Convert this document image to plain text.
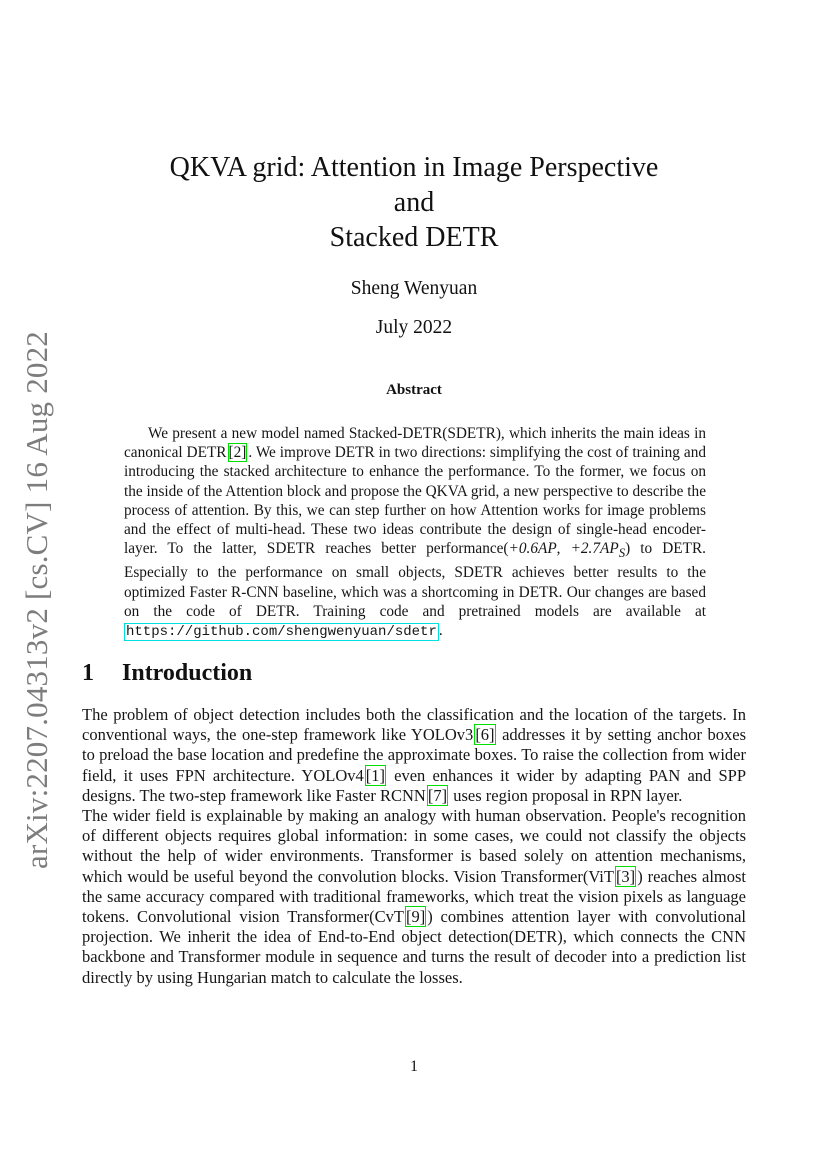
arXiv:2207.04313v2 [cs.CV] 16 Aug 2022
QKVA grid: Attention in Image Perspective
and
Stacked DETR
Sheng Wenyuan
July 2022
Abstract
We present a new model named Stacked-DETR(SDETR), which inherits the main ideas in canonical DETR [2] . We improve DETR in two directions: simplifying the cost of training and introducing the stacked architecture to enhance the performance. To the former, we focus on the inside of the Attention block and propose the QKVA grid, a new perspective to describe the process of attention. By this, we can step further on how Attention works for image problems and the effect of multi-head. These two ideas contribute the design of single-head encoder-layer. To the latter, SDETR reaches better performance(+0.6AP, $+2.7AP_S$) to DETR. Especially to the performance on small objects, SDETR achieves better results to the optimized Faster R-CNN baseline, which was a shortcoming in DETR. Our changes are based on the code of DETR. Training code and pretrained models are available at https://github.com/shengwenyuan/sdetr .
1 Introduction

The problem of object detection includes both the classification and the location of the targets. In conventional ways, the one-step framework like YOLOv3 [6] addresses it by setting anchor boxes to preload the base location and predefine the approximate boxes. To raise the collection from wider field, it uses FPN architecture. YOLOv4 [1] even enhances it wider by adapting PAN and SPP designs. The two-step framework like Faster RCNN [7] uses region proposal in RPN layer.

The wider field is explainable by making an analogy with human observation. People's recognition of different objects requires global information: in some cases, we could not classify the objects without the help of wider environments. Transformer is based solely on attention mechanisms, which would be useful beyond the convolution blocks. Vision Transformer(ViT [3] ) reaches almost the same accuracy compared with traditional frameworks, which treat the vision pixels as language tokens. Convolutional vision Transformer(CvT [9] ) combines attention layer with convolutional projection. We inherit the idea of End-to-End object detection(DETR), which connects the CNN backbone and Transformer module in sequence and turns the result of decoder into a prediction list directly by using Hungarian match to calculate the losses.

1
